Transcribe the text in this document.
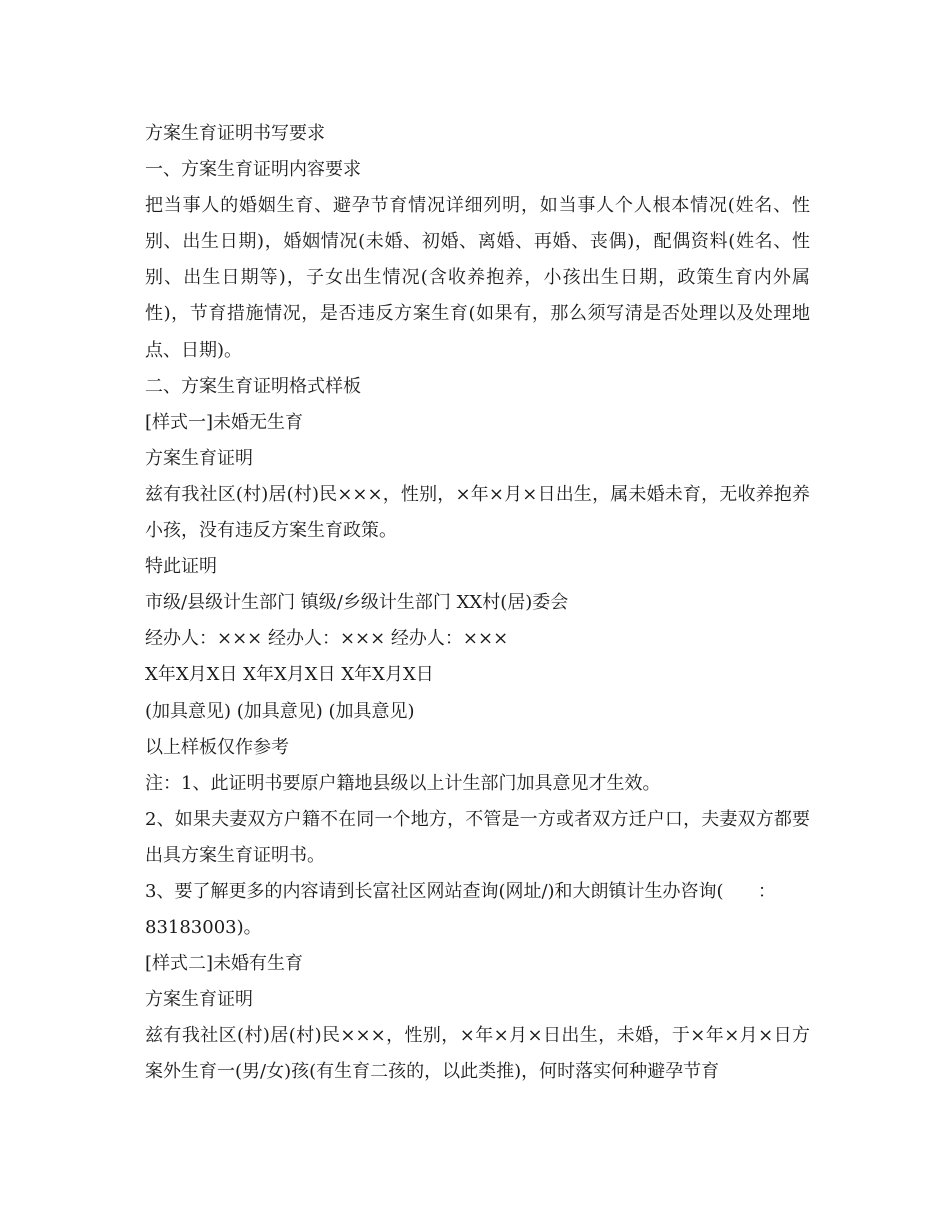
方案生育证明书写要求
一、方案生育证明内容要求
把当事人的婚姻生育、避孕节育情况详细列明，如当事人个人根本情况(姓名、性别、出生日期)，婚姻情况(未婚、初婚、离婚、再婚、丧偶)，配偶资料(姓名、性别、出生日期等)，子女出生情况(含收养抱养，小孩出生日期，政策生育内外属性)，节育措施情况，是否违反方案生育(如果有，那么须写清是否处理以及处理地点、日期)。
二、方案生育证明格式样板
[样式一]未婚无生育
方案生育证明
兹有我社区(村)居(村)民×××，性别，×年×月×日出生，属未婚未育，无收养抱养小孩，没有违反方案生育政策。
特此证明
市级/县级计生部门 镇级/乡级计生部门 XX村(居)委会
经办人：××× 经办人：××× 经办人：×××
X年X月X日 X年X月X日 X年X月X日
(加具意见) (加具意见) (加具意见)
以上样板仅作参考
注：1、此证明书要原户籍地县级以上计生部门加具意见才生效。
2、如果夫妻双方户籍不在同一个地方，不管是一方或者双方迁户口，夫妻双方都要出具方案生育证明书。
3、要了解更多的内容请到长富社区网站查询(网址/)和大朗镇计生办咨询(      ：
83183003)。
[样式二]未婚有生育
方案生育证明
兹有我社区(村)居(村)民×××，性别，×年×月×日出生，未婚，于×年×月×日方案外生育一(男/女)孩(有生育二孩的，以此类推)，何时落实何种避孕节育
